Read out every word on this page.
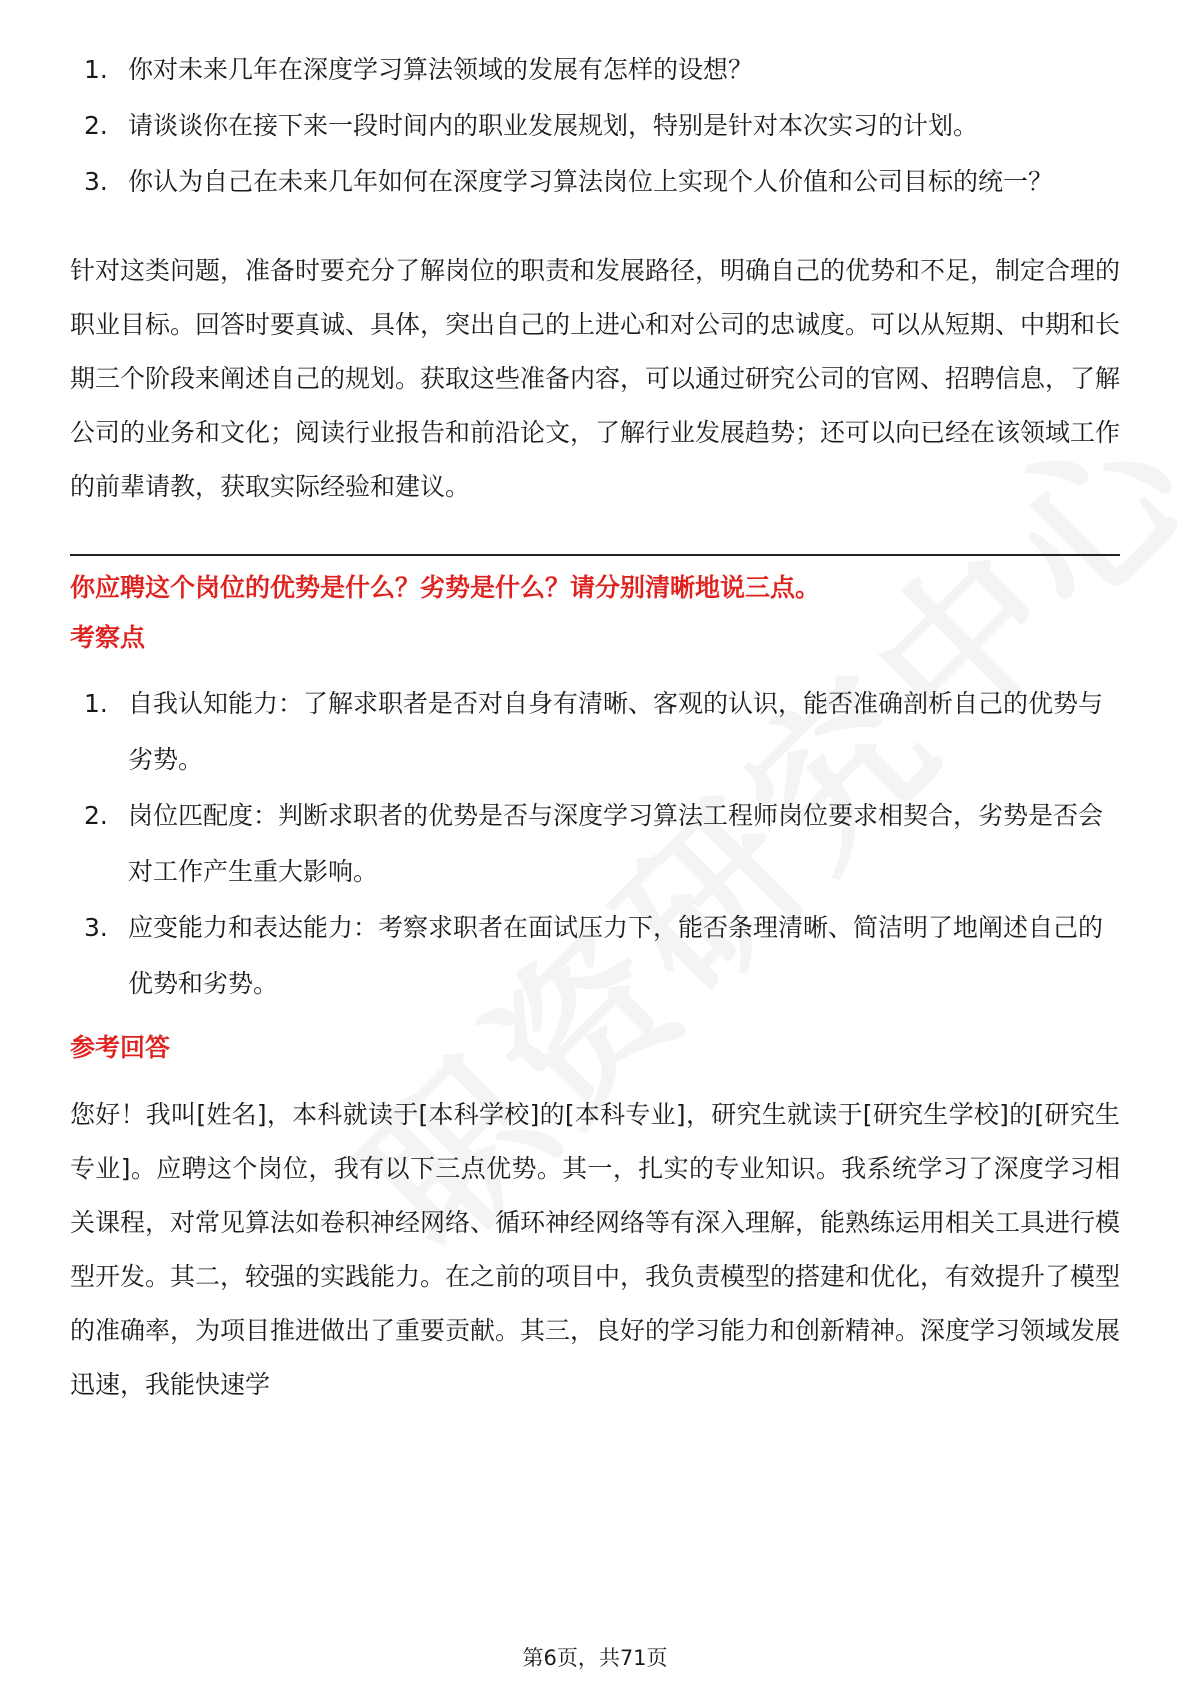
1. 你对未来几年在深度学习算法领域的发展有怎样的设想？
2. 请谈谈你在接下来一段时间内的职业发展规划，特别是针对本次实习的计划。
3. 你认为自己在未来几年如何在深度学习算法岗位上实现个人价值和公司目标的统一？

针对这类问题，准备时要充分了解岗位的职责和发展路径，明确自己的优势和不足，制定合理的职业目标。回答时要真诚、具体，突出自己的上进心和对公司的忠诚度。可以从短期、中期和长期三个阶段来阐述自己的规划。获取这些准备内容，可以通过研究公司的官网、招聘信息，了解公司的业务和文化；阅读行业报告和前沿论文，了解行业发展趋势；还可以向已经在该领域工作的前辈请教，获取实际经验和建议。

你应聘这个岗位的优势是什么？劣势是什么？请分别清晰地说三点。

考察点

1. 自我认知能力：了解求职者是否对自身有清晰、客观的认识，能否准确剖析自己的优势与劣势。
2. 岗位匹配度：判断求职者的优势是否与深度学习算法工程师岗位要求相契合，劣势是否会对工作产生重大影响。
3. 应变能力和表达能力：考察求职者在面试压力下，能否条理清晰、简洁明了地阐述自己的优势和劣势。

参考回答

您好！我叫[姓名]，本科就读于[本科学校]的[本科专业]，研究生就读于[研究生学校]的[研究生专业]。应聘这个岗位，我有以下三点优势。其一，扎实的专业知识。我系统学习了深度学习相关课程，对常见算法如卷积神经网络、循环神经网络等有深入理解，能熟练运用相关工具进行模型开发。其二，较强的实践能力。在之前的项目中，我负责模型的搭建和优化，有效提升了模型的准确率，为项目推进做出了重要贡献。其三，良好的学习能力和创新精神。深度学习领域发展迅速，我能快速学

第6页，共71页
